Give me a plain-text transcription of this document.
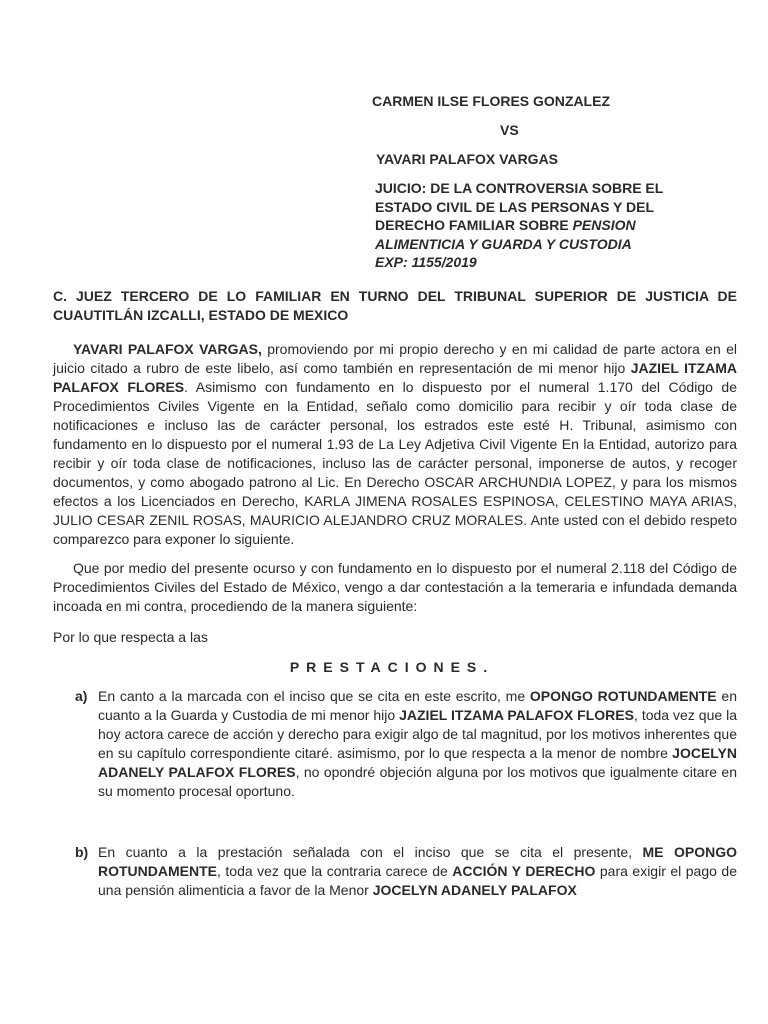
CARMEN ILSE FLORES GONZALEZ
VS
YAVARI PALAFOX VARGAS
JUICIO: DE LA CONTROVERSIA SOBRE EL ESTADO CIVIL DE LAS PERSONAS Y DEL DERECHO FAMILIAR SOBRE PENSION ALIMENTICIA Y GUARDA Y CUSTODIA
EXP: 1155/2019
C. JUEZ TERCERO DE LO FAMILIAR EN TURNO DEL TRIBUNAL SUPERIOR DE JUSTICIA DE CUAUTITLÁN IZCALLI, ESTADO DE MEXICO
YAVARI PALAFOX VARGAS, promoviendo por mi propio derecho y en mi calidad de parte actora en el juicio citado a rubro de este libelo, así como también en representación de mi menor hijo JAZIEL ITZAMA PALAFOX FLORES. Asimismo con fundamento en lo dispuesto por el numeral 1.170 del Código de Procedimientos Civiles Vigente en la Entidad, señalo como domicilio para recibir y oír toda clase de notificaciones e incluso las de carácter personal, los estrados este esté H. Tribunal, asimismo con fundamento en lo dispuesto por el numeral 1.93 de La Ley Adjetiva Civil Vigente En la Entidad, autorizo para recibir y oír toda clase de notificaciones, incluso las de carácter personal, imponerse de autos, y recoger documentos, y como abogado patrono al Lic. En Derecho OSCAR ARCHUNDIA LOPEZ, y para los mismos efectos a los Licenciados en Derecho, KARLA JIMENA ROSALES ESPINOSA, CELESTINO MAYA ARIAS, JULIO CESAR ZENIL ROSAS, MAURICIO ALEJANDRO CRUZ MORALES. Ante usted con el debido respeto comparezco para exponer lo siguiente.
Que por medio del presente ocurso y con fundamento en lo dispuesto por el numeral 2.118 del Código de Procedimientos Civiles del Estado de México, vengo a dar contestación a la temeraria e infundada demanda incoada en mi contra, procediendo de la manera siguiente:
Por lo que respecta a las
PRESTACIONES.
a) En canto a la marcada con el inciso que se cita en este escrito, me OPONGO ROTUNDAMENTE en cuanto a la Guarda y Custodia de mi menor hijo JAZIEL ITZAMA PALAFOX FLORES, toda vez que la hoy actora carece de acción y derecho para exigir algo de tal magnitud, por los motivos inherentes que en su capítulo correspondiente citaré. asimismo, por lo que respecta a la menor de nombre JOCELYN ADANELY PALAFOX FLORES, no opondré objeción alguna por los motivos que igualmente citare en su momento procesal oportuno.
b) En cuanto a la prestación señalada con el inciso que se cita el presente, ME OPONGO ROTUNDAMENTE, toda vez que la contraria carece de ACCIÓN Y DERECHO para exigir el pago de una pensión alimenticia a favor de la Menor JOCELYN ADANELY PALAFOX
